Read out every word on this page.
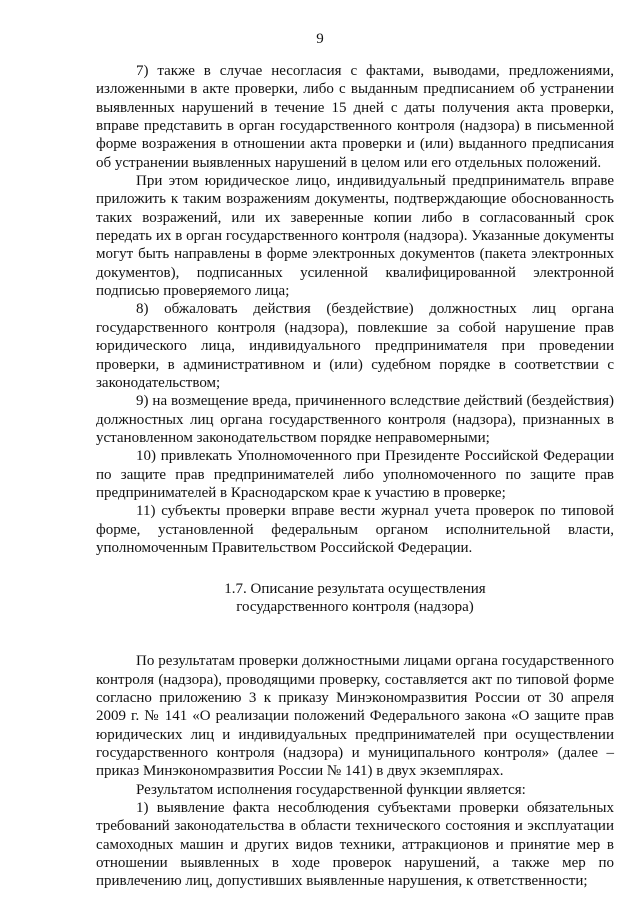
9

7) также в случае несогласия с фактами, выводами, предложениями, изложенными в акте проверки, либо с выданным предписанием об устранении выявленных нарушений в течение 15 дней с даты получения акта проверки, вправе представить в орган государственного контроля (надзора) в письменной форме возражения в отношении акта проверки и (или) выданного предписания об устранении выявленных нарушений в целом или его отдельных положений.

При этом юридическое лицо, индивидуальный предприниматель вправе приложить к таким возражениям документы, подтверждающие обоснованность таких возражений, или их заверенные копии либо в согласованный срок передать их в орган государственного контроля (надзора). Указанные документы могут быть направлены в форме электронных документов (пакета электронных документов), подписанных усиленной квалифицированной электронной подписью проверяемого лица;

8) обжаловать действия (бездействие) должностных лиц органа государственного контроля (надзора), повлекшие за собой нарушение прав юридического лица, индивидуального предпринимателя при проведении проверки, в административном и (или) судебном порядке в соответствии с законодательством;

9) на возмещение вреда, причиненного вследствие действий (бездействия) должностных лиц органа государственного контроля (надзора), признанных в установленном законодательством порядке неправомерными;

10) привлекать Уполномоченного при Президенте Российской Федерации по защите прав предпринимателей либо уполномоченного по защите прав предпринимателей в Краснодарском крае к участию в проверке;

11) субъекты проверки вправе вести журнал учета проверок по типовой форме, установленной федеральным органом исполнительной власти, уполномоченным Правительством Российской Федерации.

1.7. Описание результата осуществления
государственного контроля (надзора)

По результатам проверки должностными лицами органа государственного контроля (надзора), проводящими проверку, составляется акт по типовой форме согласно приложению 3 к приказу Минэкономразвития России от 30 апреля 2009 г. № 141 «О реализации положений Федерального закона «О защите прав юридических лиц и индивидуальных предпринимателей при осуществлении государственного контроля (надзора) и муниципального контроля» (далее – приказ Минэкономразвития России № 141) в двух экземплярах.

Результатом исполнения государственной функции является:

1) выявление факта несоблюдения субъектами проверки обязательных требований законодательства в области технического состояния и эксплуатации самоходных машин и других видов техники, аттракционов и принятие мер в отношении выявленных в ходе проверок нарушений, а также мер по привлечению лиц, допустивших выявленные нарушения, к ответственности;
